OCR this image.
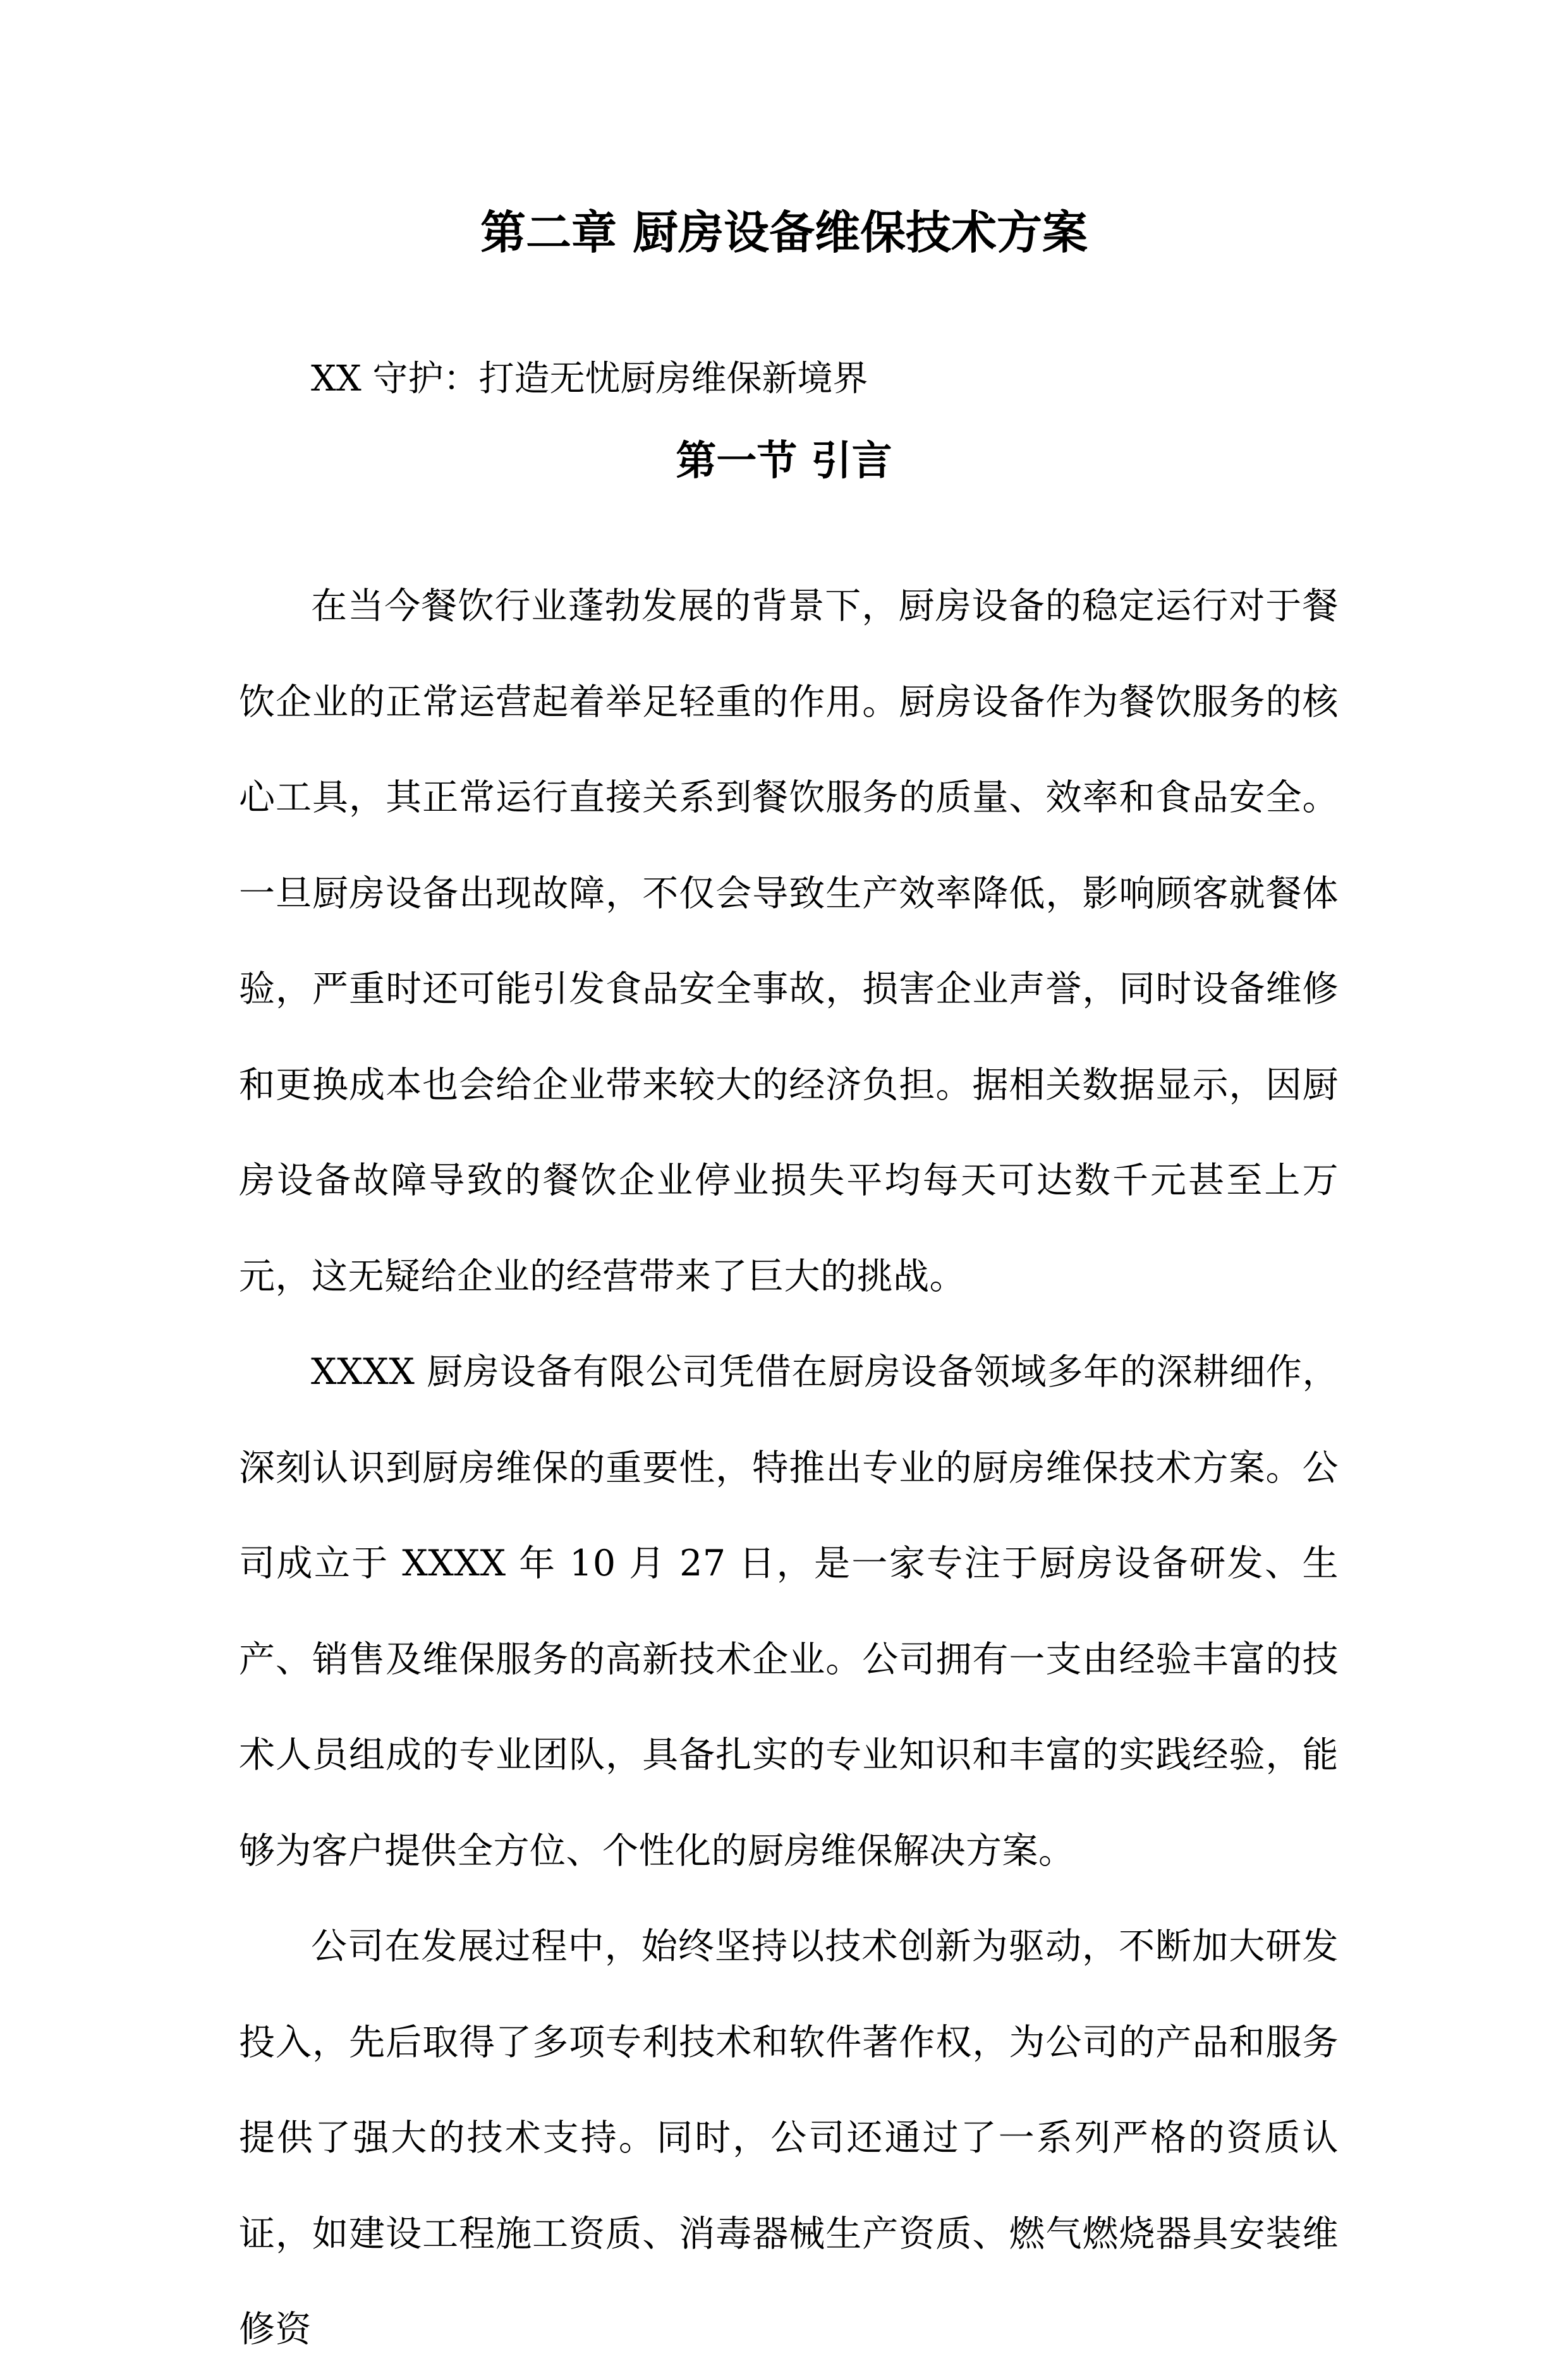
第二章 厨房设备维保技术方案

XX 守护：打造无忧厨房维保新境界

第一节 引言

在当今餐饮行业蓬勃发展的背景下，厨房设备的稳定运行对于餐饮企业的正常运营起着举足轻重的作用。厨房设备作为餐饮服务的核心工具，其正常运行直接关系到餐饮服务的质量、效率和食品安全。一旦厨房设备出现故障，不仅会导致生产效率降低，影响顾客就餐体验，严重时还可能引发食品安全事故，损害企业声誉，同时设备维修和更换成本也会给企业带来较大的经济负担。据相关数据显示，因厨房设备故障导致的餐饮企业停业损失平均每天可达数千元甚至上万元，这无疑给企业的经营带来了巨大的挑战。

XXXX 厨房设备有限公司凭借在厨房设备领域多年的深耕细作，深刻认识到厨房维保的重要性，特推出专业的厨房维保技术方案。公司成立于 XXXX 年 10 月 27 日，是一家专注于厨房设备研发、生产、销售及维保服务的高新技术企业。公司拥有一支由经验丰富的技术人员组成的专业团队，具备扎实的专业知识和丰富的实践经验，能够为客户提供全方位、个性化的厨房维保解决方案。

公司在发展过程中，始终坚持以技术创新为驱动，不断加大研发投入，先后取得了多项专利技术和软件著作权，为公司的产品和服务提供了强大的技术支持。同时，公司还通过了一系列严格的资质认证，如建设工程施工资质、消毒器械生产资质、燃气燃烧器具安装维修资
